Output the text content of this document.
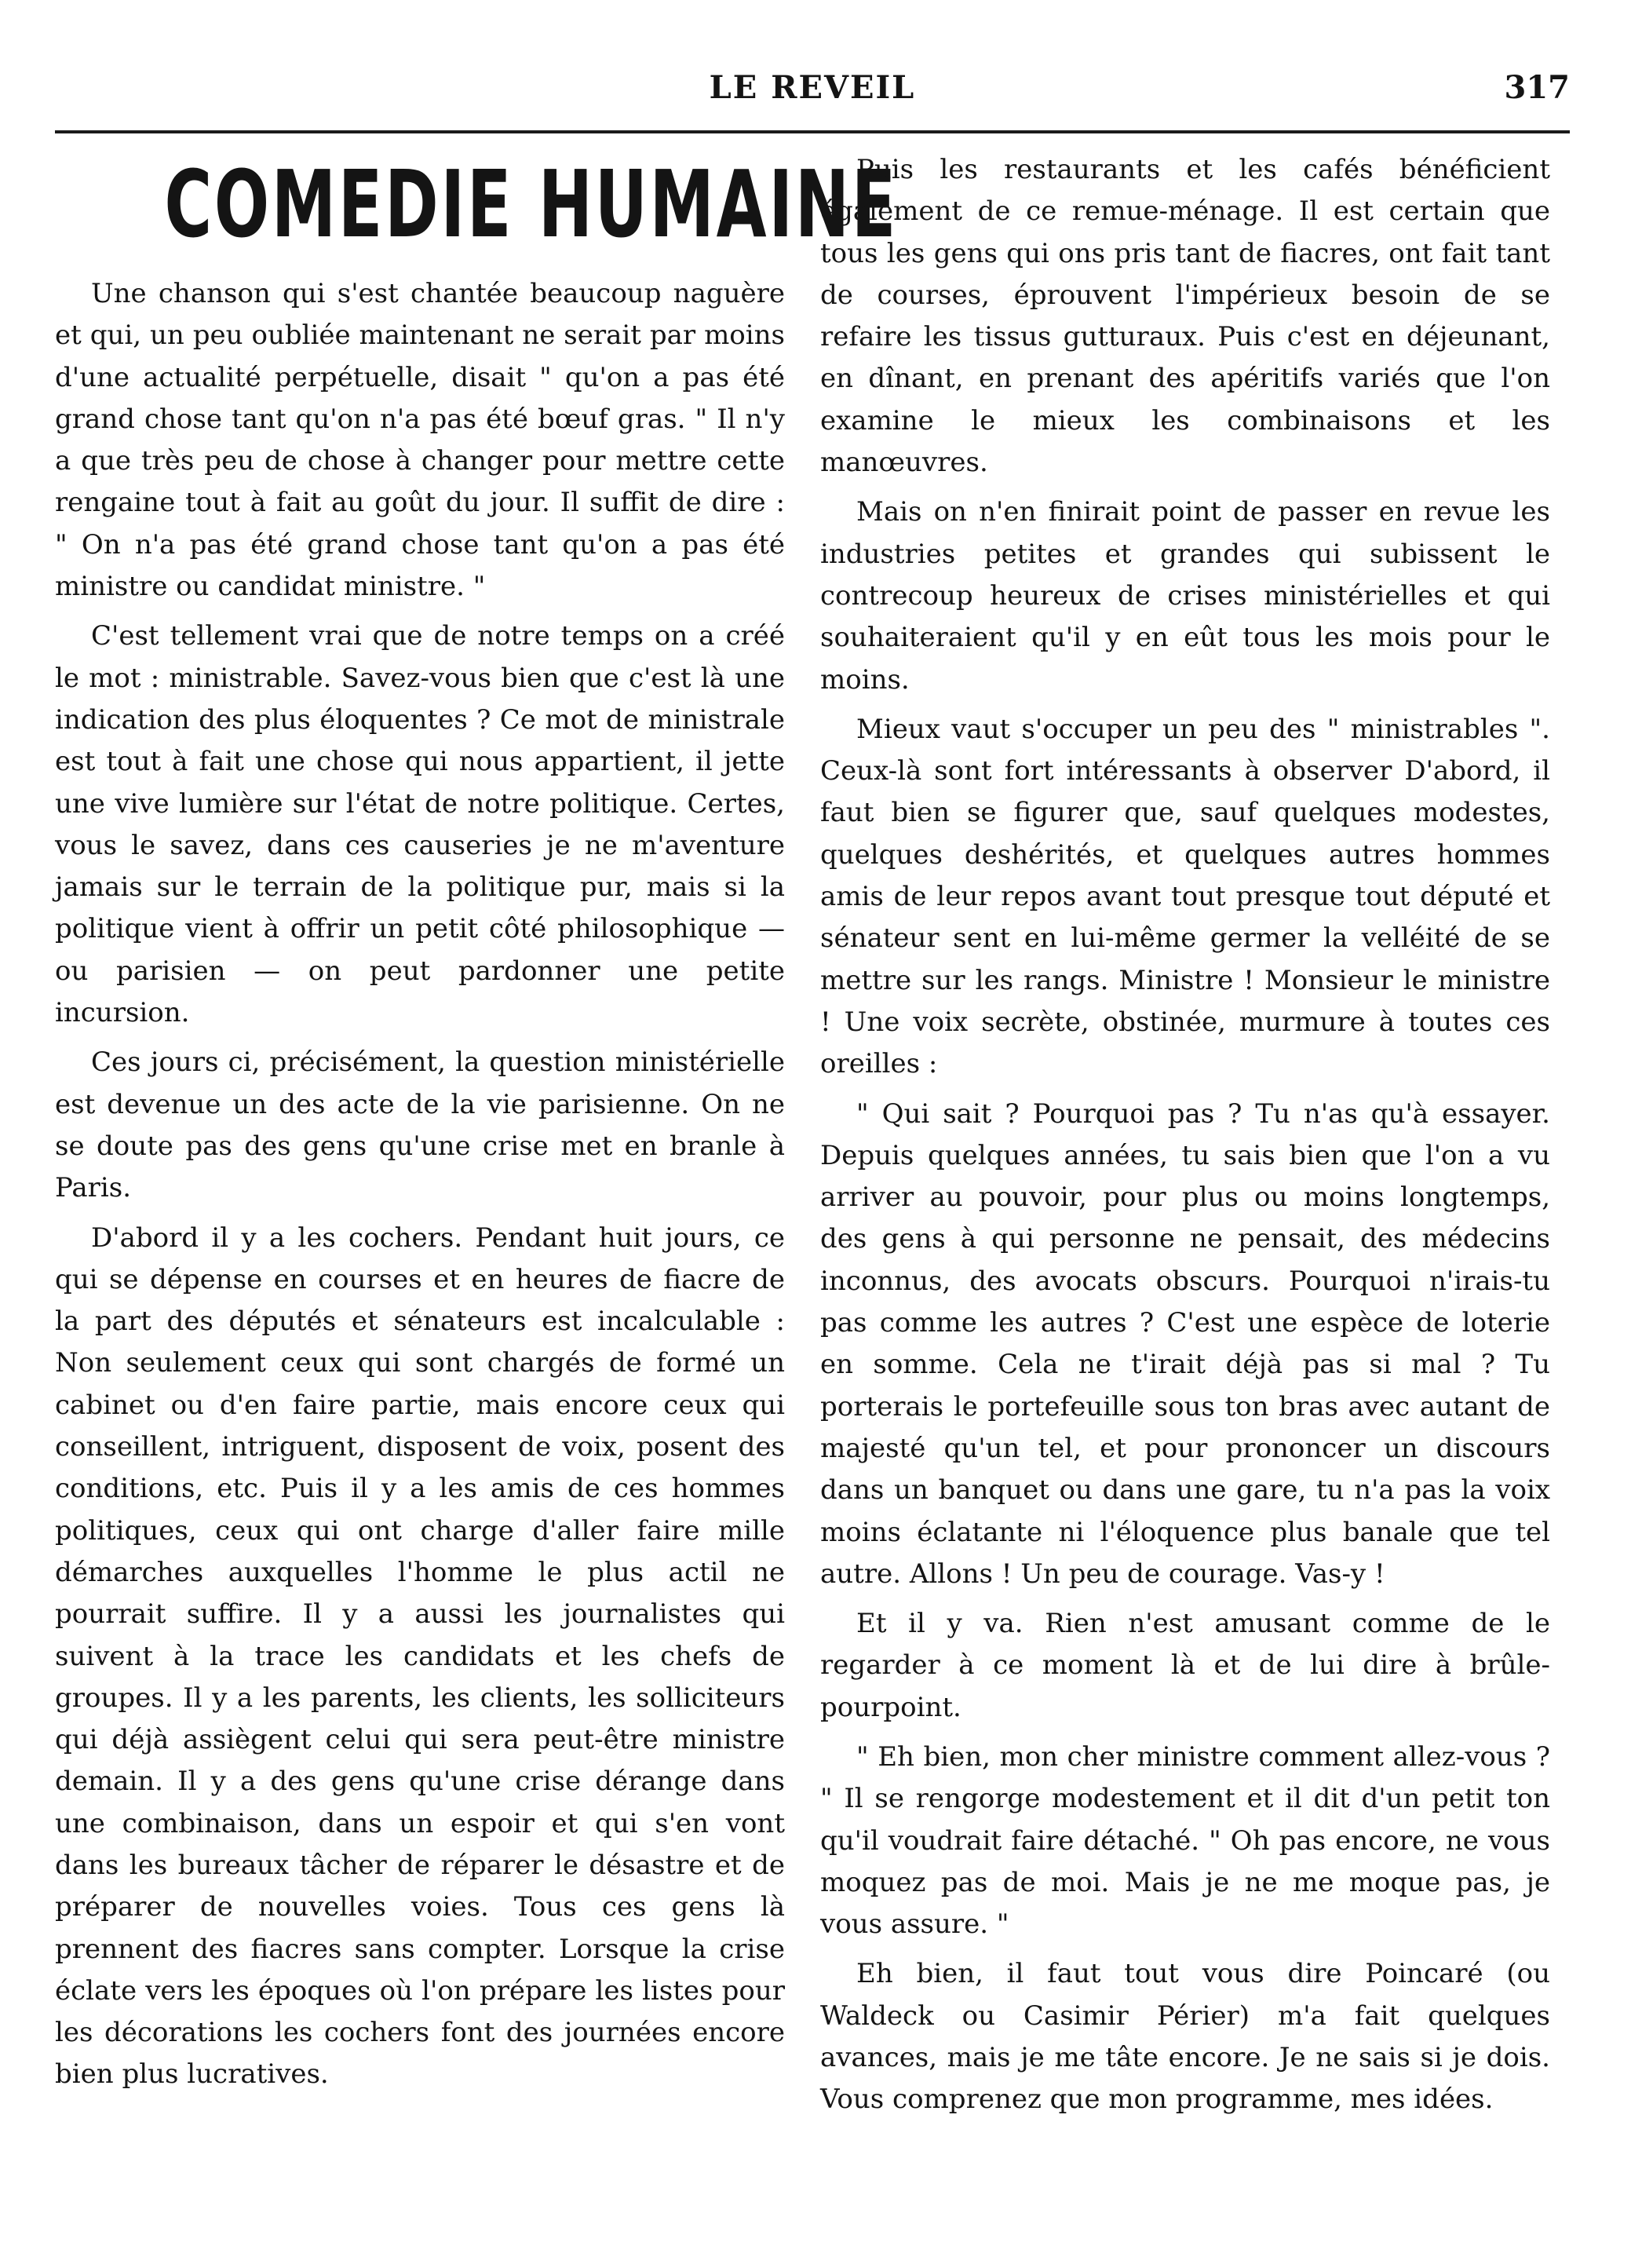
LE REVEIL	317
COMEDIE HUMAINE

Une chanson qui s'est chantée beaucoup naguère et qui, un peu oubliée maintenant ne serait par moins d'une actualité perpétuelle, disait " qu'on a pas été grand chose tant qu'on n'a pas été bœuf gras. " Il n'y a que très peu de chose à changer pour mettre cette rengaine tout à fait au goût du jour. Il suffit de dire : " On n'a pas été grand chose tant qu'on a pas été ministre ou candidat ministre. "

C'est tellement vrai que de notre temps on a créé le mot : ministrable. Savez-vous bien que c'est là une indication des plus éloquentes ? Ce mot de ministrale est tout à fait une chose qui nous appartient, il jette une vive lumière sur l'état de notre politique. Certes, vous le savez, dans ces causeries je ne m'aventure jamais sur le terrain de la politique pur, mais si la politique vient à offrir un petit côté philosophique — ou parisien — on peut pardonner une petite incursion.

Ces jours ci, précisément, la question ministérielle est devenue un des acte de la vie parisienne. On ne se doute pas des gens qu'une crise met en branle à Paris.

D'abord il y a les cochers. Pendant huit jours, ce qui se dépense en courses et en heures de fiacre de la part des députés et sénateurs est incalculable : Non seulement ceux qui sont chargés de formé un cabinet ou d'en faire partie, mais encore ceux qui conseillent, intriguent, disposent de voix, posent des conditions, etc. Puis il y a les amis de ces hommes politiques, ceux qui ont charge d'aller faire mille démarches auxquelles l'homme le plus actil ne pourrait suffire. Il y a aussi les journalistes qui suivent à la trace les candidats et les chefs de groupes. Il y a les parents, les clients, les solliciteurs qui déjà assiègent celui qui sera peut-être ministre demain. Il y a des gens qu'une crise dérange dans une combinaison, dans un espoir et qui s'en vont dans les bureaux tâcher de réparer le désastre et de préparer de nouvelles voies. Tous ces gens là prennent des fiacres sans compter. Lorsque la crise éclate vers les époques où l'on prépare les listes pour les décorations les cochers font des journées encore bien plus lucratives.

Puis les restaurants et les cafés bénéficient également de ce remue-ménage. Il est certain que tous les gens qui ons pris tant de fiacres, ont fait tant de courses, éprouvent l'impérieux besoin de se refaire les tissus gutturaux. Puis c'est en déjeunant, en dînant, en prenant des apéritifs variés que l'on examine le mieux les combinaisons et les manœuvres.

Mais on n'en finirait point de passer en revue les industries petites et grandes qui subissent le contrecoup heureux de crises ministérielles et qui souhaiteraient qu'il y en eût tous les mois pour le moins.

Mieux vaut s'occuper un peu des " ministrables ". Ceux-là sont fort intéressants à observer D'abord, il faut bien se figurer que, sauf quelques modestes, quelques deshérités, et quelques autres hommes amis de leur repos avant tout presque tout député et sénateur sent en lui-même germer la velléité de se mettre sur les rangs. Ministre ! Monsieur le ministre ! Une voix secrète, obstinée, murmure à toutes ces oreilles :

" Qui sait ? Pourquoi pas ? Tu n'as qu'à essayer. Depuis quelques années, tu sais bien que l'on a vu arriver au pouvoir, pour plus ou moins longtemps, des gens à qui personne ne pensait, des médecins inconnus, des avocats obscurs. Pourquoi n'irais-tu pas comme les autres ? C'est une espèce de loterie en somme. Cela ne t'irait déjà pas si mal ? Tu porterais le portefeuille sous ton bras avec autant de majesté qu'un tel, et pour prononcer un discours dans un banquet ou dans une gare, tu n'a pas la voix moins éclatante ni l'éloquence plus banale que tel autre. Allons ! Un peu de courage. Vas-y !

Et il y va. Rien n'est amusant comme de le regarder à ce moment là et de lui dire à brûle-pourpoint.

" Eh bien, mon cher ministre comment allez-vous ? " Il se rengorge modestement et il dit d'un petit ton qu'il voudrait faire détaché. " Oh pas encore, ne vous moquez pas de moi. Mais je ne me moque pas, je vous assure. "

Eh bien, il faut tout vous dire Poincaré (ou Waldeck ou Casimir Périer) m'a fait quelques avances, mais je me tâte encore. Je ne sais si je dois. Vous comprenez que mon programme, mes idées.
